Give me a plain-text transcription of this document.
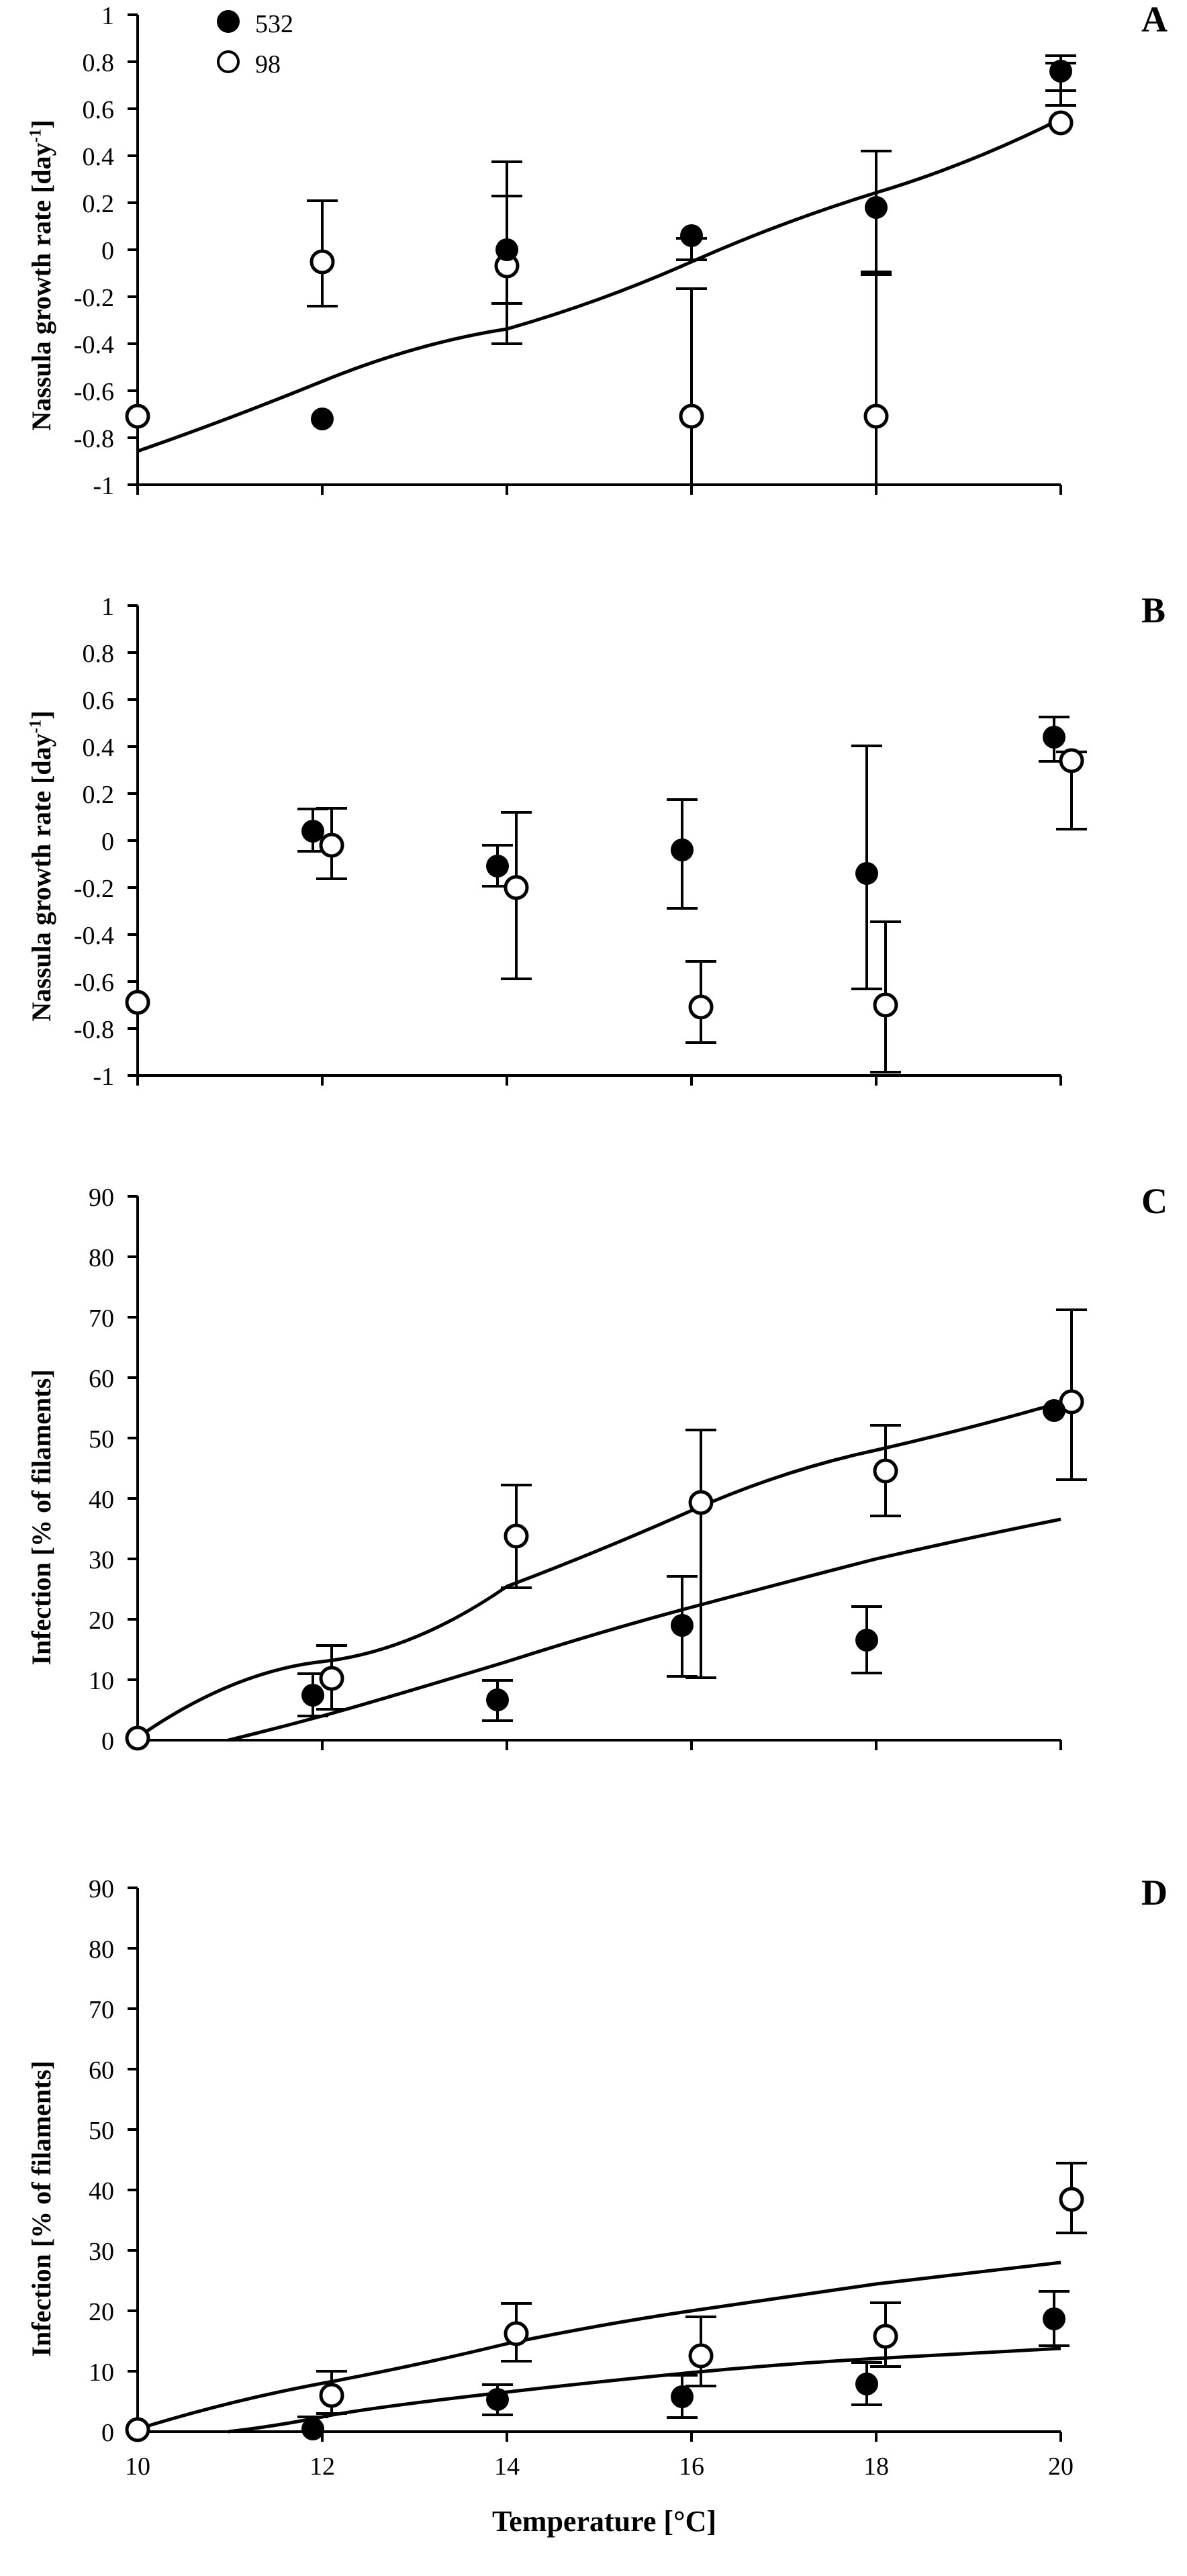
A
Nassula growth rate [day$^{-1}$]
1
0.8
0.6
0.4
0.2
0
-0.2
-0.4
-0.6
-0.8
-1
532
98
B
Nassula growth rate [day$^{-1}$]
1
0.8
0.6
0.4
0.2
0
-0.2
-0.4
-0.6
-0.8
-1
C
Infection [% of filaments]
90
80
70
60
50
40
30
20
10
0
D
Infection [% of filaments]
90
80
70
60
50
40
30
20
10
0
10	12	14	16	18	20
Temperature [°C]
